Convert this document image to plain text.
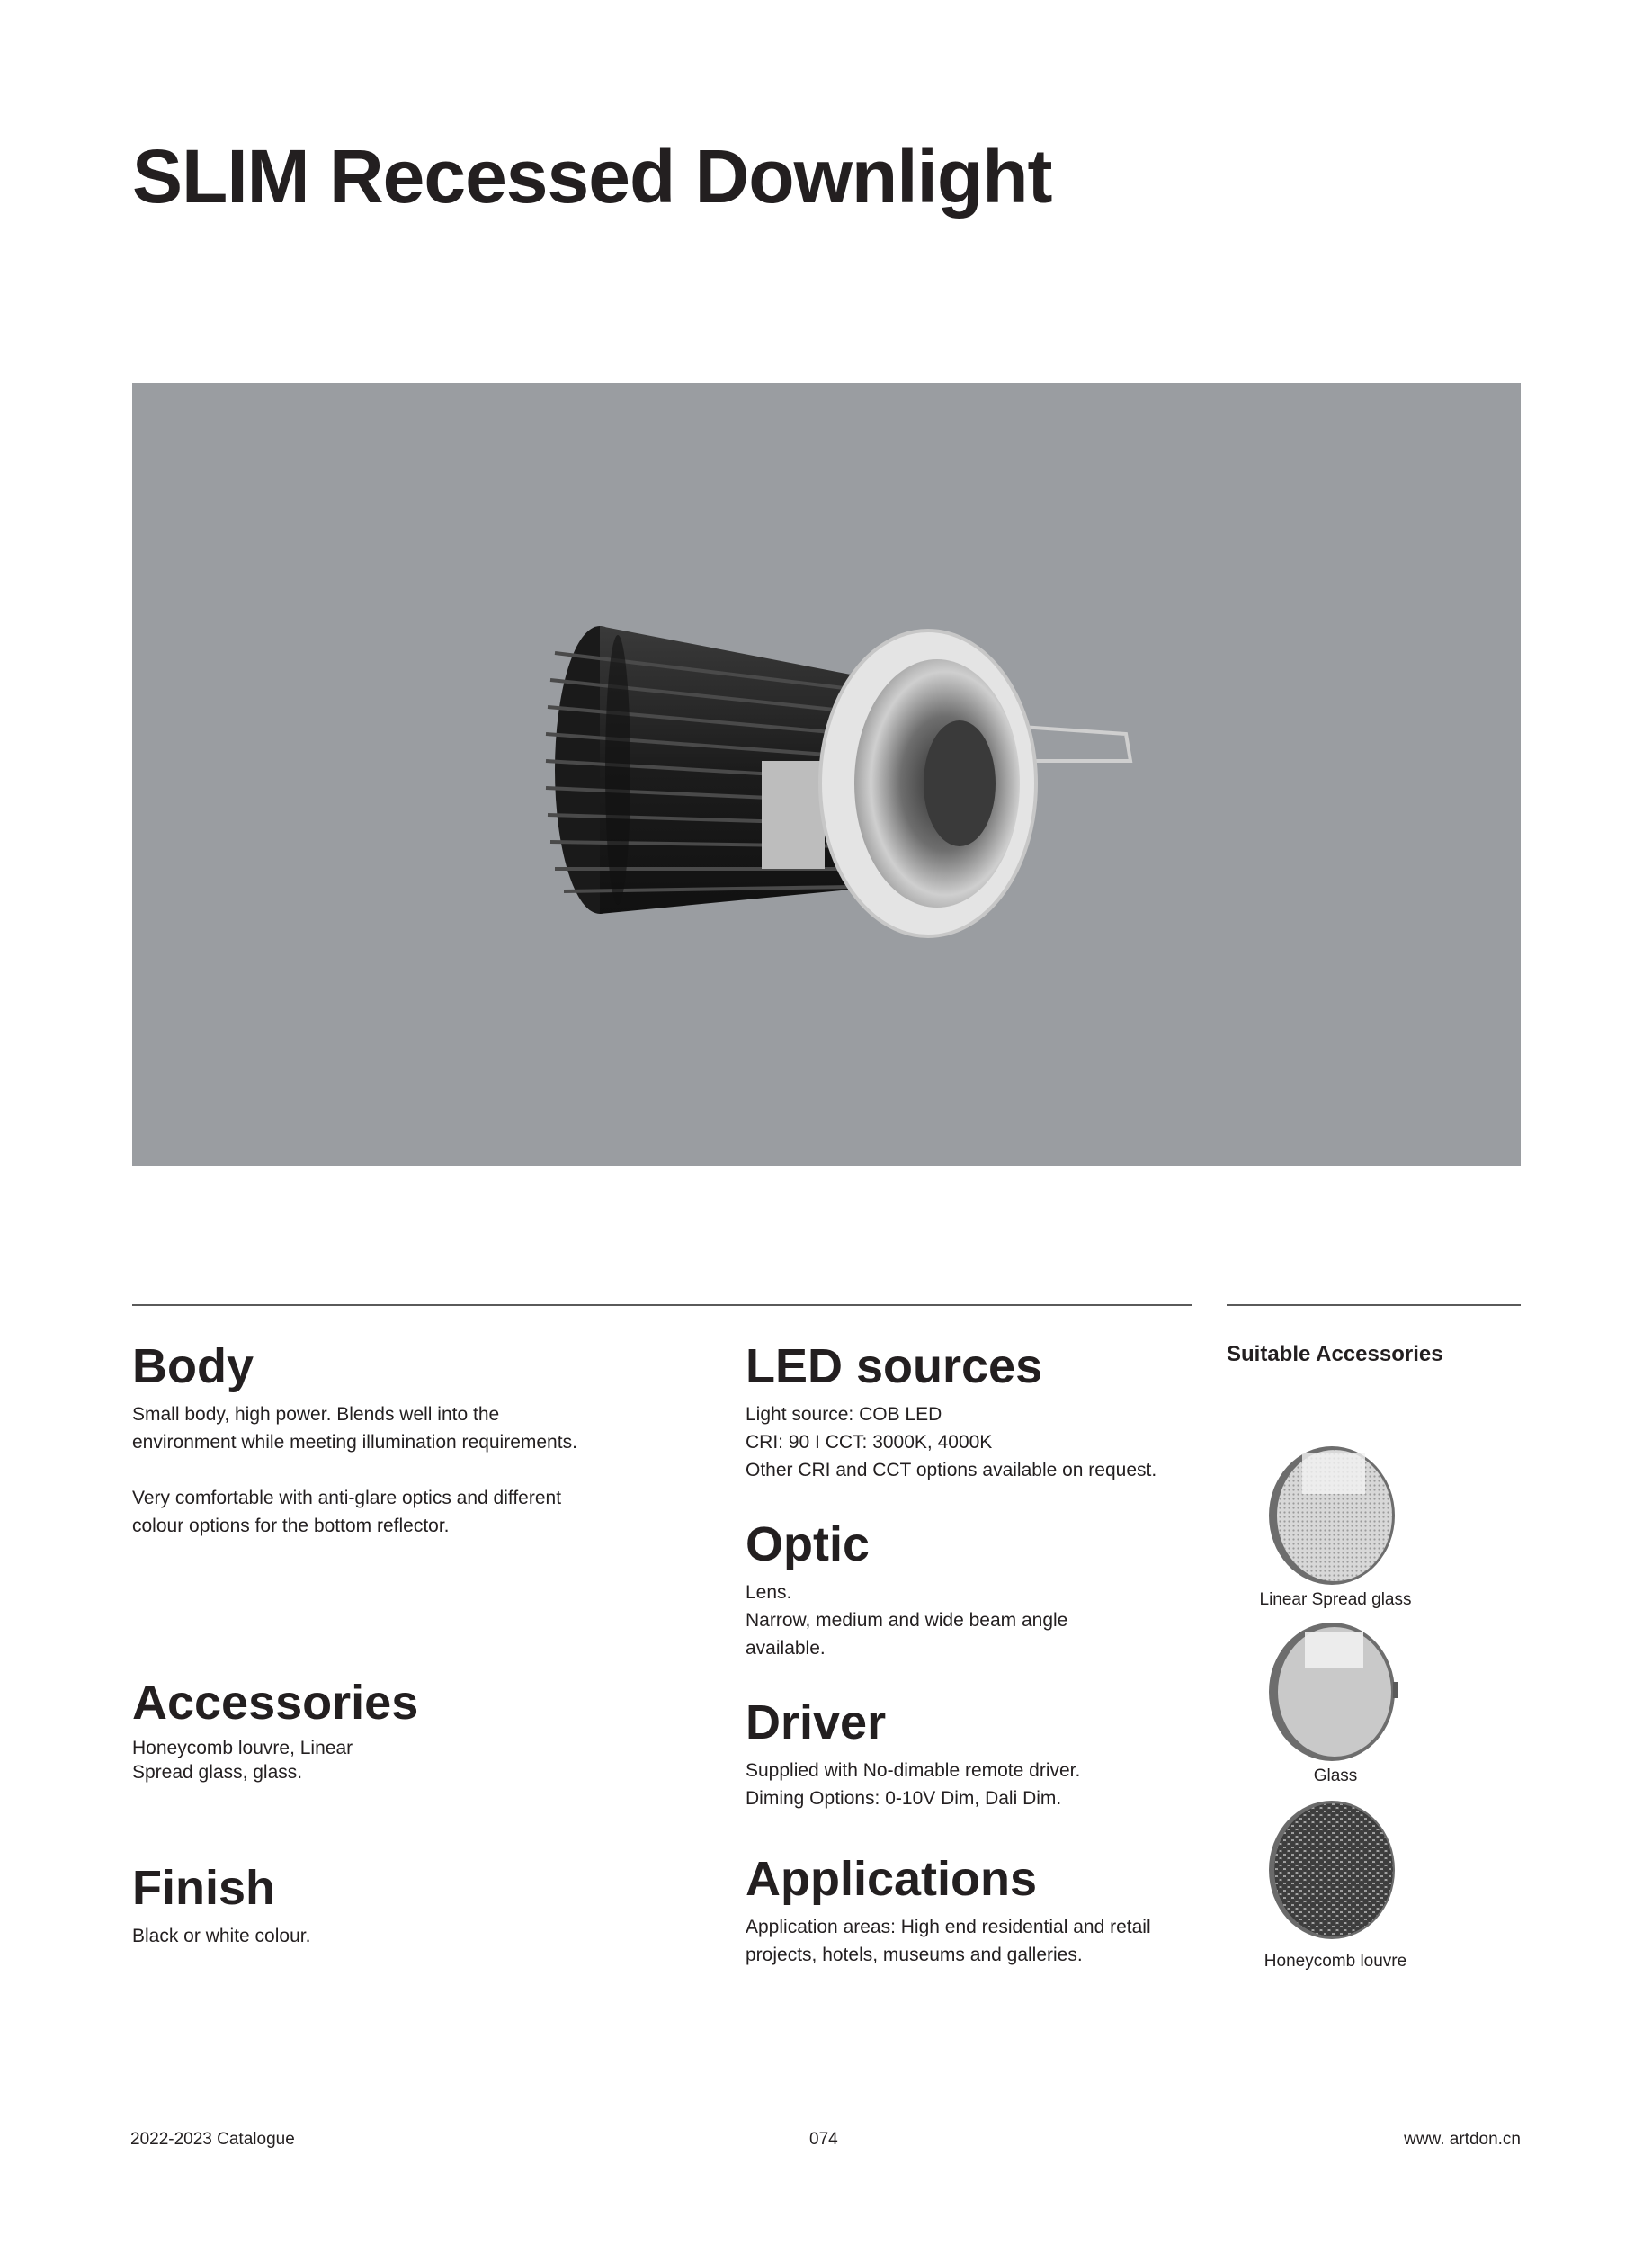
SLIM Recessed Downlight
Body
Small body, high power. Blends well into the
environment while meeting illumination requirements.
Very comfortable with anti-glare optics and different
colour options for the bottom reflector.
Accessories
Honeycomb louvre, Linear
Spread glass, glass.
Finish
Black or white colour.
LED sources
Light source: COB LED
CRI: 90 I CCT: 3000K, 4000K
Other CRI and CCT options available on request.
Optic
Lens.
Narrow, medium and wide beam angle
available.
Driver
Supplied with No-dimable remote driver.
Diming Options: 0-10V Dim, Dali Dim.
Applications
Application areas: High end residential and retail
projects, hotels, museums and galleries.
Suitable Accessories
Linear Spread glass
Glass
Honeycomb louvre
2022-2023 Catalogue	074	www. artdon.cn
